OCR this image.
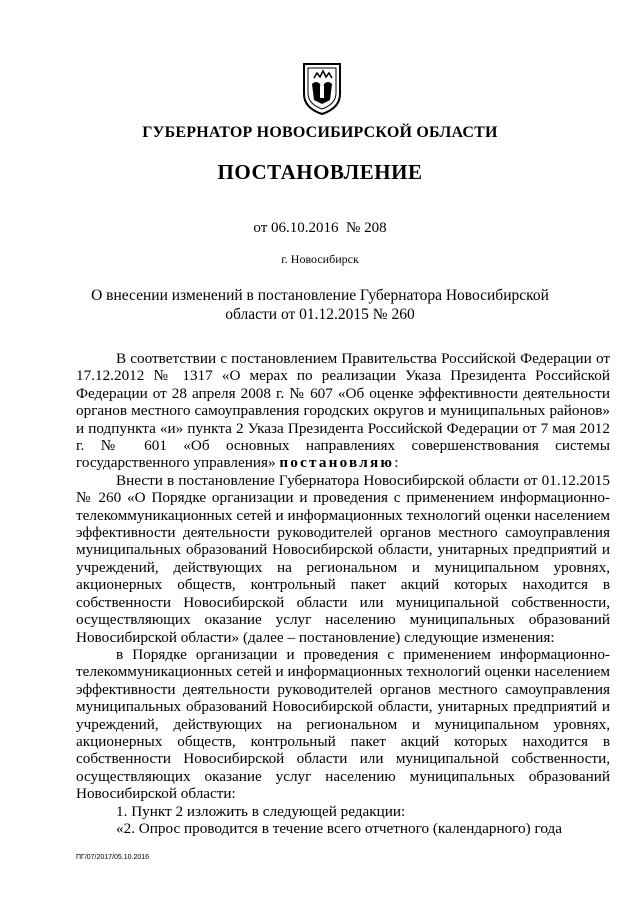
ГУБЕРНАТОР НОВОСИБИРСКОЙ ОБЛАСТИ
ПОСТАНОВЛЕНИЕ
от 06.10.2016 № 208
г. Новосибирск
О внесении изменений в постановление Губернатора Новосибирской области от 01.12.2015 № 260

В соответствии с постановлением Правительства Российской Федерации от 17.12.2012 № 1317 «О мерах по реализации Указа Президента Российской Федерации от 28 апреля 2008 г. № 607 «Об оценке эффективности деятельности органов местного самоуправления городских округов и муниципальных районов» и подпункта «и» пункта 2 Указа Президента Российской Федерации от 7 мая 2012 г. № 601 «Об основных направлениях совершенствования системы государственного управления» постановляю:

Внести в постановление Губернатора Новосибирской области от 01.12.2015 № 260 «О Порядке организации и проведения с применением информационно-телекоммуникационных сетей и информационных технологий оценки населением эффективности деятельности руководителей органов местного самоуправления муниципальных образований Новосибирской области, унитарных предприятий и учреждений, действующих на региональном и муниципальном уровнях, акционерных обществ, контрольный пакет акций которых находится в собственности Новосибирской области или муниципальной собственности, осуществляющих оказание услуг населению муниципальных образований Новосибирской области» (далее – постановление) следующие изменения:

в Порядке организации и проведения с применением информационно-телекоммуникационных сетей и информационных технологий оценки населением эффективности деятельности руководителей органов местного самоуправления муниципальных образований Новосибирской области, унитарных предприятий и учреждений, действующих на региональном и муниципальном уровнях, акционерных обществ, контрольный пакет акций которых находится в собственности Новосибирской области или муниципальной собственности, осуществляющих оказание услуг населению муниципальных образований Новосибирской области:

1. Пункт 2 изложить в следующей редакции:

«2. Опрос проводится в течение всего отчетного (календарного) года

ПГ/07/2017/05.10.2016
